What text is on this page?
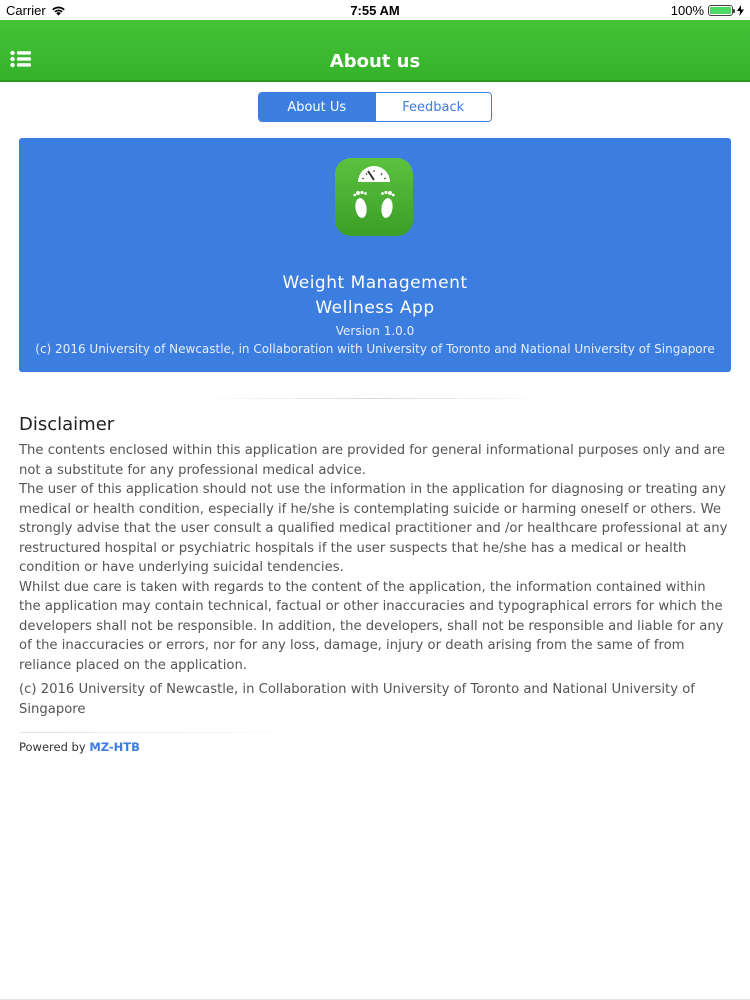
Carrier	7:55 AM	100%
About us
About Us	Feedback
Weight Management
Wellness App
Version 1.0.0
(c) 2016 University of Newcastle, in Collaboration with University of Toronto and National University of Singapore
Disclaimer

The contents enclosed within this application are provided for general informational purposes only and are not a substitute for any professional medical advice.

The user of this application should not use the information in the application for diagnosing or treating any medical or health condition, especially if he/she is contemplating suicide or harming oneself or others. We strongly advise that the user consult a qualified medical practitioner and /or healthcare professional at any restructured hospital or psychiatric hospitals if the user suspects that he/she has a medical or health condition or have underlying suicidal tendencies.

Whilst due care is taken with regards to the content of the application, the information contained within the application may contain technical, factual or other inaccuracies and typographical errors for which the developers shall not be responsible. In addition, the developers, shall not be responsible and liable for any of the inaccuracies or errors, nor for any loss, damage, injury or death arising from the same of from reliance placed on the application.

(c) 2016 University of Newcastle, in Collaboration with University of Toronto and National University of Singapore

Powered by MZ-HTB
